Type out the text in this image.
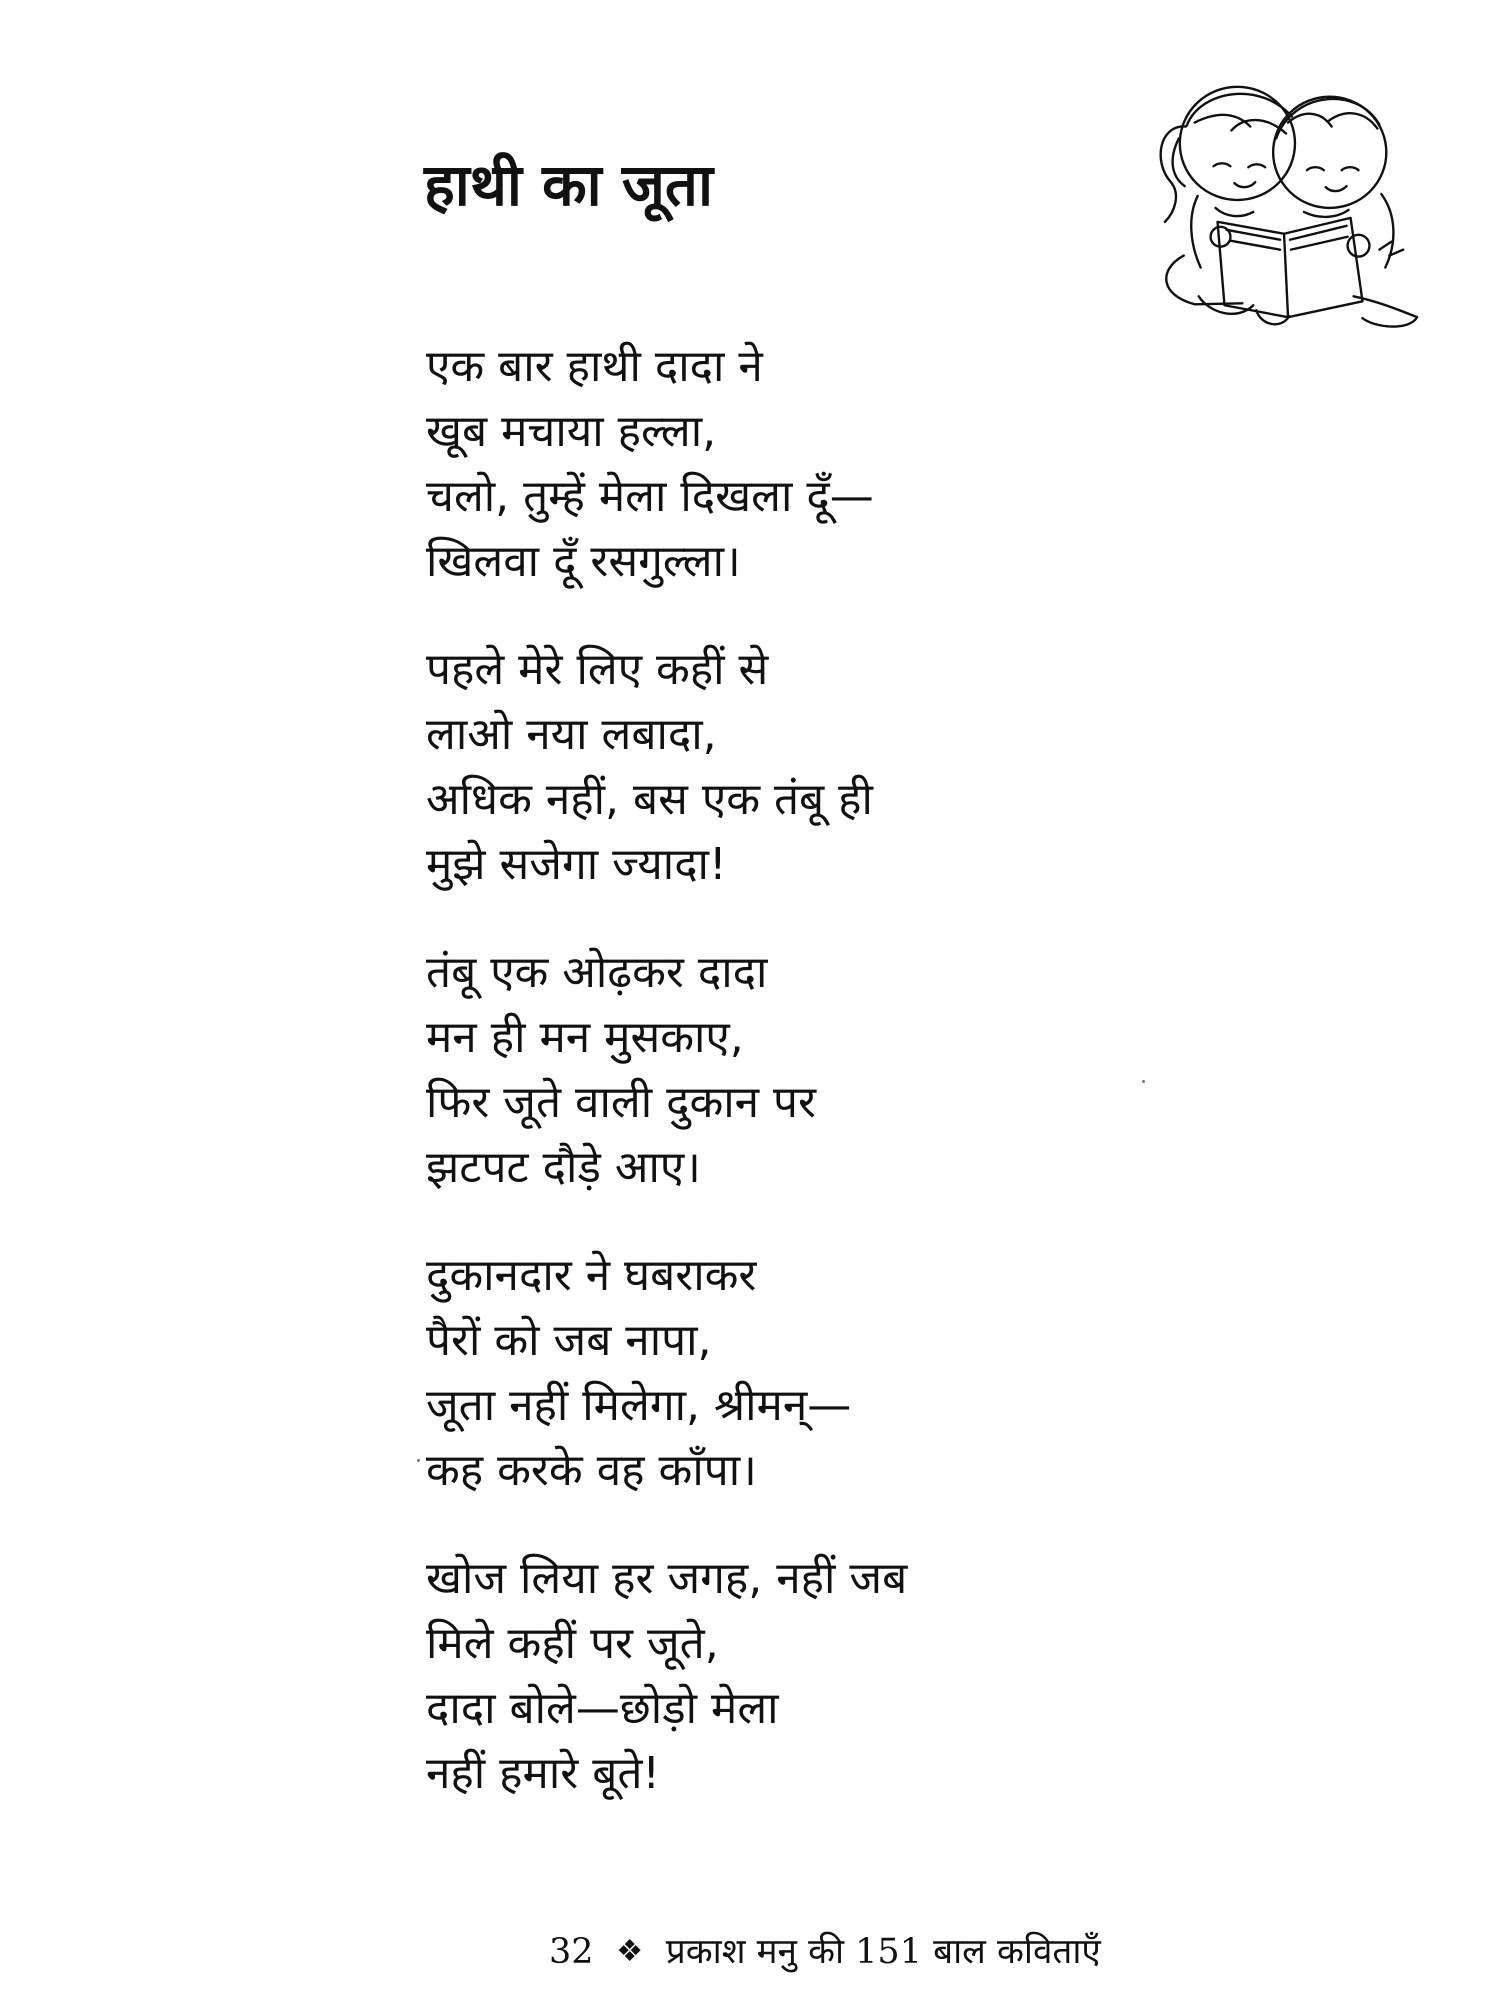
हाथी का जूता
एक बार हाथी दादा ने
खूब मचाया हल्ला,
चलो, तुम्हें मेला दिखला दूँ—
खिलवा दूँ रसगुल्ला।
पहले मेरे लिए कहीं से
लाओ नया लबादा,
अधिक नहीं, बस एक तंबू ही
मुझे सजेगा ज्यादा!
तंबू एक ओढ़कर दादा
मन ही मन मुसकाए,
फिर जूते वाली दुकान पर
झटपट दौड़े आए।
दुकानदार ने घबराकर
पैरों को जब नापा,
जूता नहीं मिलेगा, श्रीमन्—
कह करके वह काँपा।
खोज लिया हर जगह, नहीं जब
मिले कहीं पर जूते,
दादा बोले—छोड़ो मेला
नहीं हमारे बूते!
32 ❖ प्रकाश मनु की 151 बाल कविताएँ
